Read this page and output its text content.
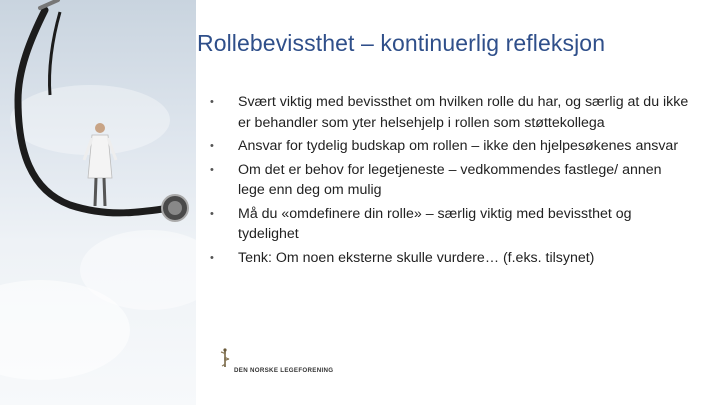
Rollebevissthet – kontinuerlig refleksjon
• Svært viktig med bevissthet om hvilken rolle du har, og særlig at du ikke er behandler som yter helsehjelp i rollen som støttekollega
• Ansvar for tydelig budskap om rollen – ikke den hjelpesøkenes ansvar
• Om det er behov for legetjeneste – vedkommendes fastlege/ annen lege enn deg om mulig
• Må du «omdefinere din rolle» – særlig viktig med bevissthet og tydelighet
• Tenk: Om noen eksterne skulle vurdere… (f.eks. tilsynet)
DEN NORSKE LEGEFORENING
